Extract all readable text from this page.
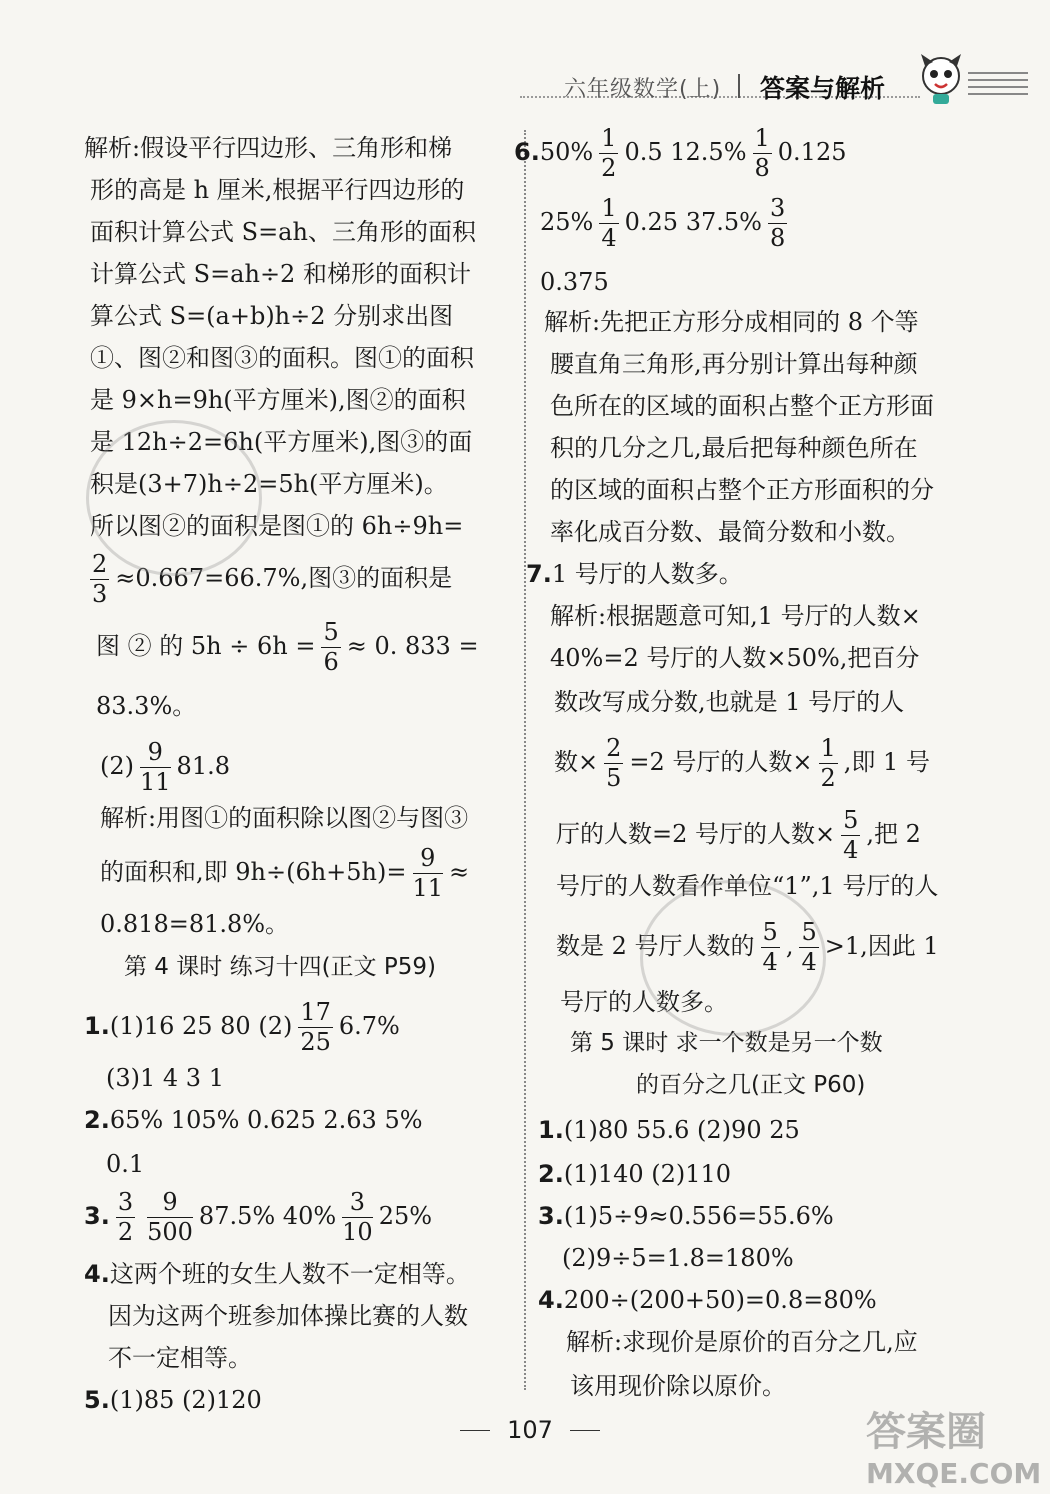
六年级数学(上) 答案与解析
解析:假设平行四边形、三角形和梯
形的高是 h 厘米,根据平行四边形的
面积计算公式 S=ah、三角形的面积
计算公式 S=ah÷2 和梯形的面积计
算公式 S=(a+b)h÷2 分别求出图
①、图②和图③的面积。图①的面积
是 9×h=9h(平方厘米),图②的面积
是 12h÷2=6h(平方厘米),图③的面
积是(3+7)h÷2=5h(平方厘米)。
所以图②的面积是图①的 6h÷9h=
$\frac{2}{3} \approx 0.667=66.7\%$,图③的面积是
图 ② 的 $5h \div 6h = \frac{5}{6} \approx 0$. 833 =
83.3%。
$(2) \frac{9}{11} 81.8$
解析:用图①的面积除以图②与图③
的面积和,即 $9h\div(6h+5h)= \frac{9}{11}$ ≈
0.818=81.8%。
第 4 课时 练习十四(正文 P59)
1.(1)16 25 80 $(2) \frac{17}{25} 6.7\%$
(3)1 4 3 1
2.65% 105% 0.625 2.63 5%
0.1
3. $\frac{3}{2} \frac{9}{500} 87.5\%$ $40\% \frac{3}{10} 25\%$
4.这两个班的女生人数不一定相等。
因为这两个班参加体操比赛的人数
不一定相等。
5.(1)85 (2)120
$6.50\% \frac{1}{2} 0.5$ $12.5\% \frac{1}{8} 0.125$
$25\% \frac{1}{4} 0.25$ $37.5\% \frac{3}{8}$
0.375
解析:先把正方形分成相同的 8 个等
腰直角三角形,再分别计算出每种颜
色所在的区域的面积占整个正方形面
积的几分之几,最后把每种颜色所在
的区域的面积占整个正方形面积的分
率化成百分数、最简分数和小数。
7.1 号厅的人数多。
解析:根据题意可知,1 号厅的人数×
40%=2 号厅的人数×50%,把百分
数改写成分数,也就是 1 号厅的人
数× $\frac{2}{5} =2$ 号厅的人数× $\frac{1}{2}$ ,即 1 号
厅的人数=2 号厅的人数× $\frac{5}{4}$ ,把 2
号厅的人数看作单位“1”,1 号厅的人
数是 2 号厅人数的 $\frac{5}{4}$ , $\frac{5}{4} >1$,因此 1
号厅的人数多。
第 5 课时 求一个数是另一个数
的百分之几(正文 P60)
1.(1)80 55.6 (2)90 25
2.(1)140 (2)110
3.(1)5÷9≈0.556=55.6%
(2)9÷5=1.8=180%
4.200÷(200+50)=0.8=80%
解析:求现价是原价的百分之几,应
该用现价除以原价。
107	答案圈
MXQE.COM
